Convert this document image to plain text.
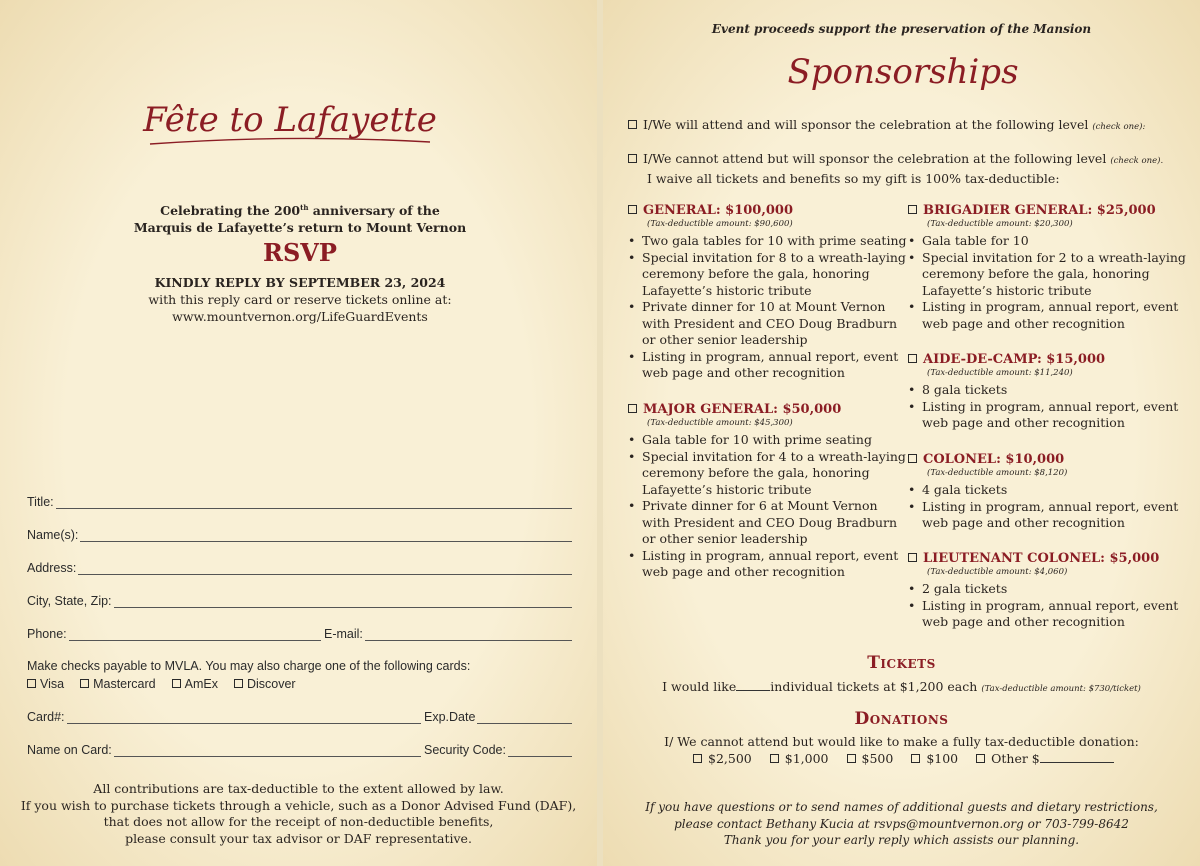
Fête to Lafayette
Celebrating the 200th anniversary of the
Marquis de Lafayette’s return to Mount Vernon
RSVP
KINDLY REPLY BY SEPTEMBER 23, 2024
with this reply card or reserve tickets online at:
www.mountvernon.org/LifeGuardEvents
Title:
Name(s):
Address:
City, State, Zip:
Phone:	E-mail:
Make checks payable to MVLA. You may also charge one of the following cards:
Visa	Mastercard	AmEx	Discover
Card#:	Exp.Date
Name on Card:	Security Code:
All contributions are tax-deductible to the extent allowed by law.
If you wish to purchase tickets through a vehicle, such as a Donor Advised Fund (DAF),
that does not allow for the receipt of non-deductible benefits,
please consult your tax advisor or DAF representative.
Event proceeds support the preservation of the Mansion
Sponsorships
I/We will attend and will sponsor the celebration at the following level (check one):
I/We cannot attend but will sponsor the celebration at the following level (check one).
I waive all tickets and benefits so my gift is 100% tax-deductible:
GENERAL: $100,000
(Tax-deductible amount: $90,600)
• Two gala tables for 10 with prime seating
• Special invitation for 8 to a wreath-laying ceremony before the gala, honoring Lafayette’s historic tribute
• Private dinner for 10 at Mount Vernon with President and CEO Doug Bradburn or other senior leadership
• Listing in program, annual report, event web page and other recognition
MAJOR GENERAL: $50,000
(Tax-deductible amount: $45,300)
• Gala table for 10 with prime seating
• Special invitation for 4 to a wreath-laying ceremony before the gala, honoring Lafayette’s historic tribute
• Private dinner for 6 at Mount Vernon with President and CEO Doug Bradburn or other senior leadership
• Listing in program, annual report, event web page and other recognition
BRIGADIER GENERAL: $25,000
(Tax-deductible amount: $20,300)
• Gala table for 10
• Special invitation for 2 to a wreath-laying ceremony before the gala, honoring Lafayette’s historic tribute
• Listing in program, annual report, event web page and other recognition
AIDE-DE-CAMP: $15,000
(Tax-deductible amount: $11,240)
• 8 gala tickets
• Listing in program, annual report, event web page and other recognition
COLONEL: $10,000
(Tax-deductible amount: $8,120)
• 4 gala tickets
• Listing in program, annual report, event web page and other recognition
LIEUTENANT COLONEL: $5,000
(Tax-deductible amount: $4,060)
• 2 gala tickets
• Listing in program, annual report, event web page and other recognition
Tickets
I would like	individual tickets at $1,200 each (Tax-deductible amount: $730/ticket)
Donations
I/ We cannot attend but would like to make a fully tax-deductible donation:
$2,500	$1,000	$500	$100	Other $
If you have questions or to send names of additional guests and dietary restrictions,
please contact Bethany Kucia at rsvps@mountvernon.org or 703-799-8642
Thank you for your early reply which assists our planning.
